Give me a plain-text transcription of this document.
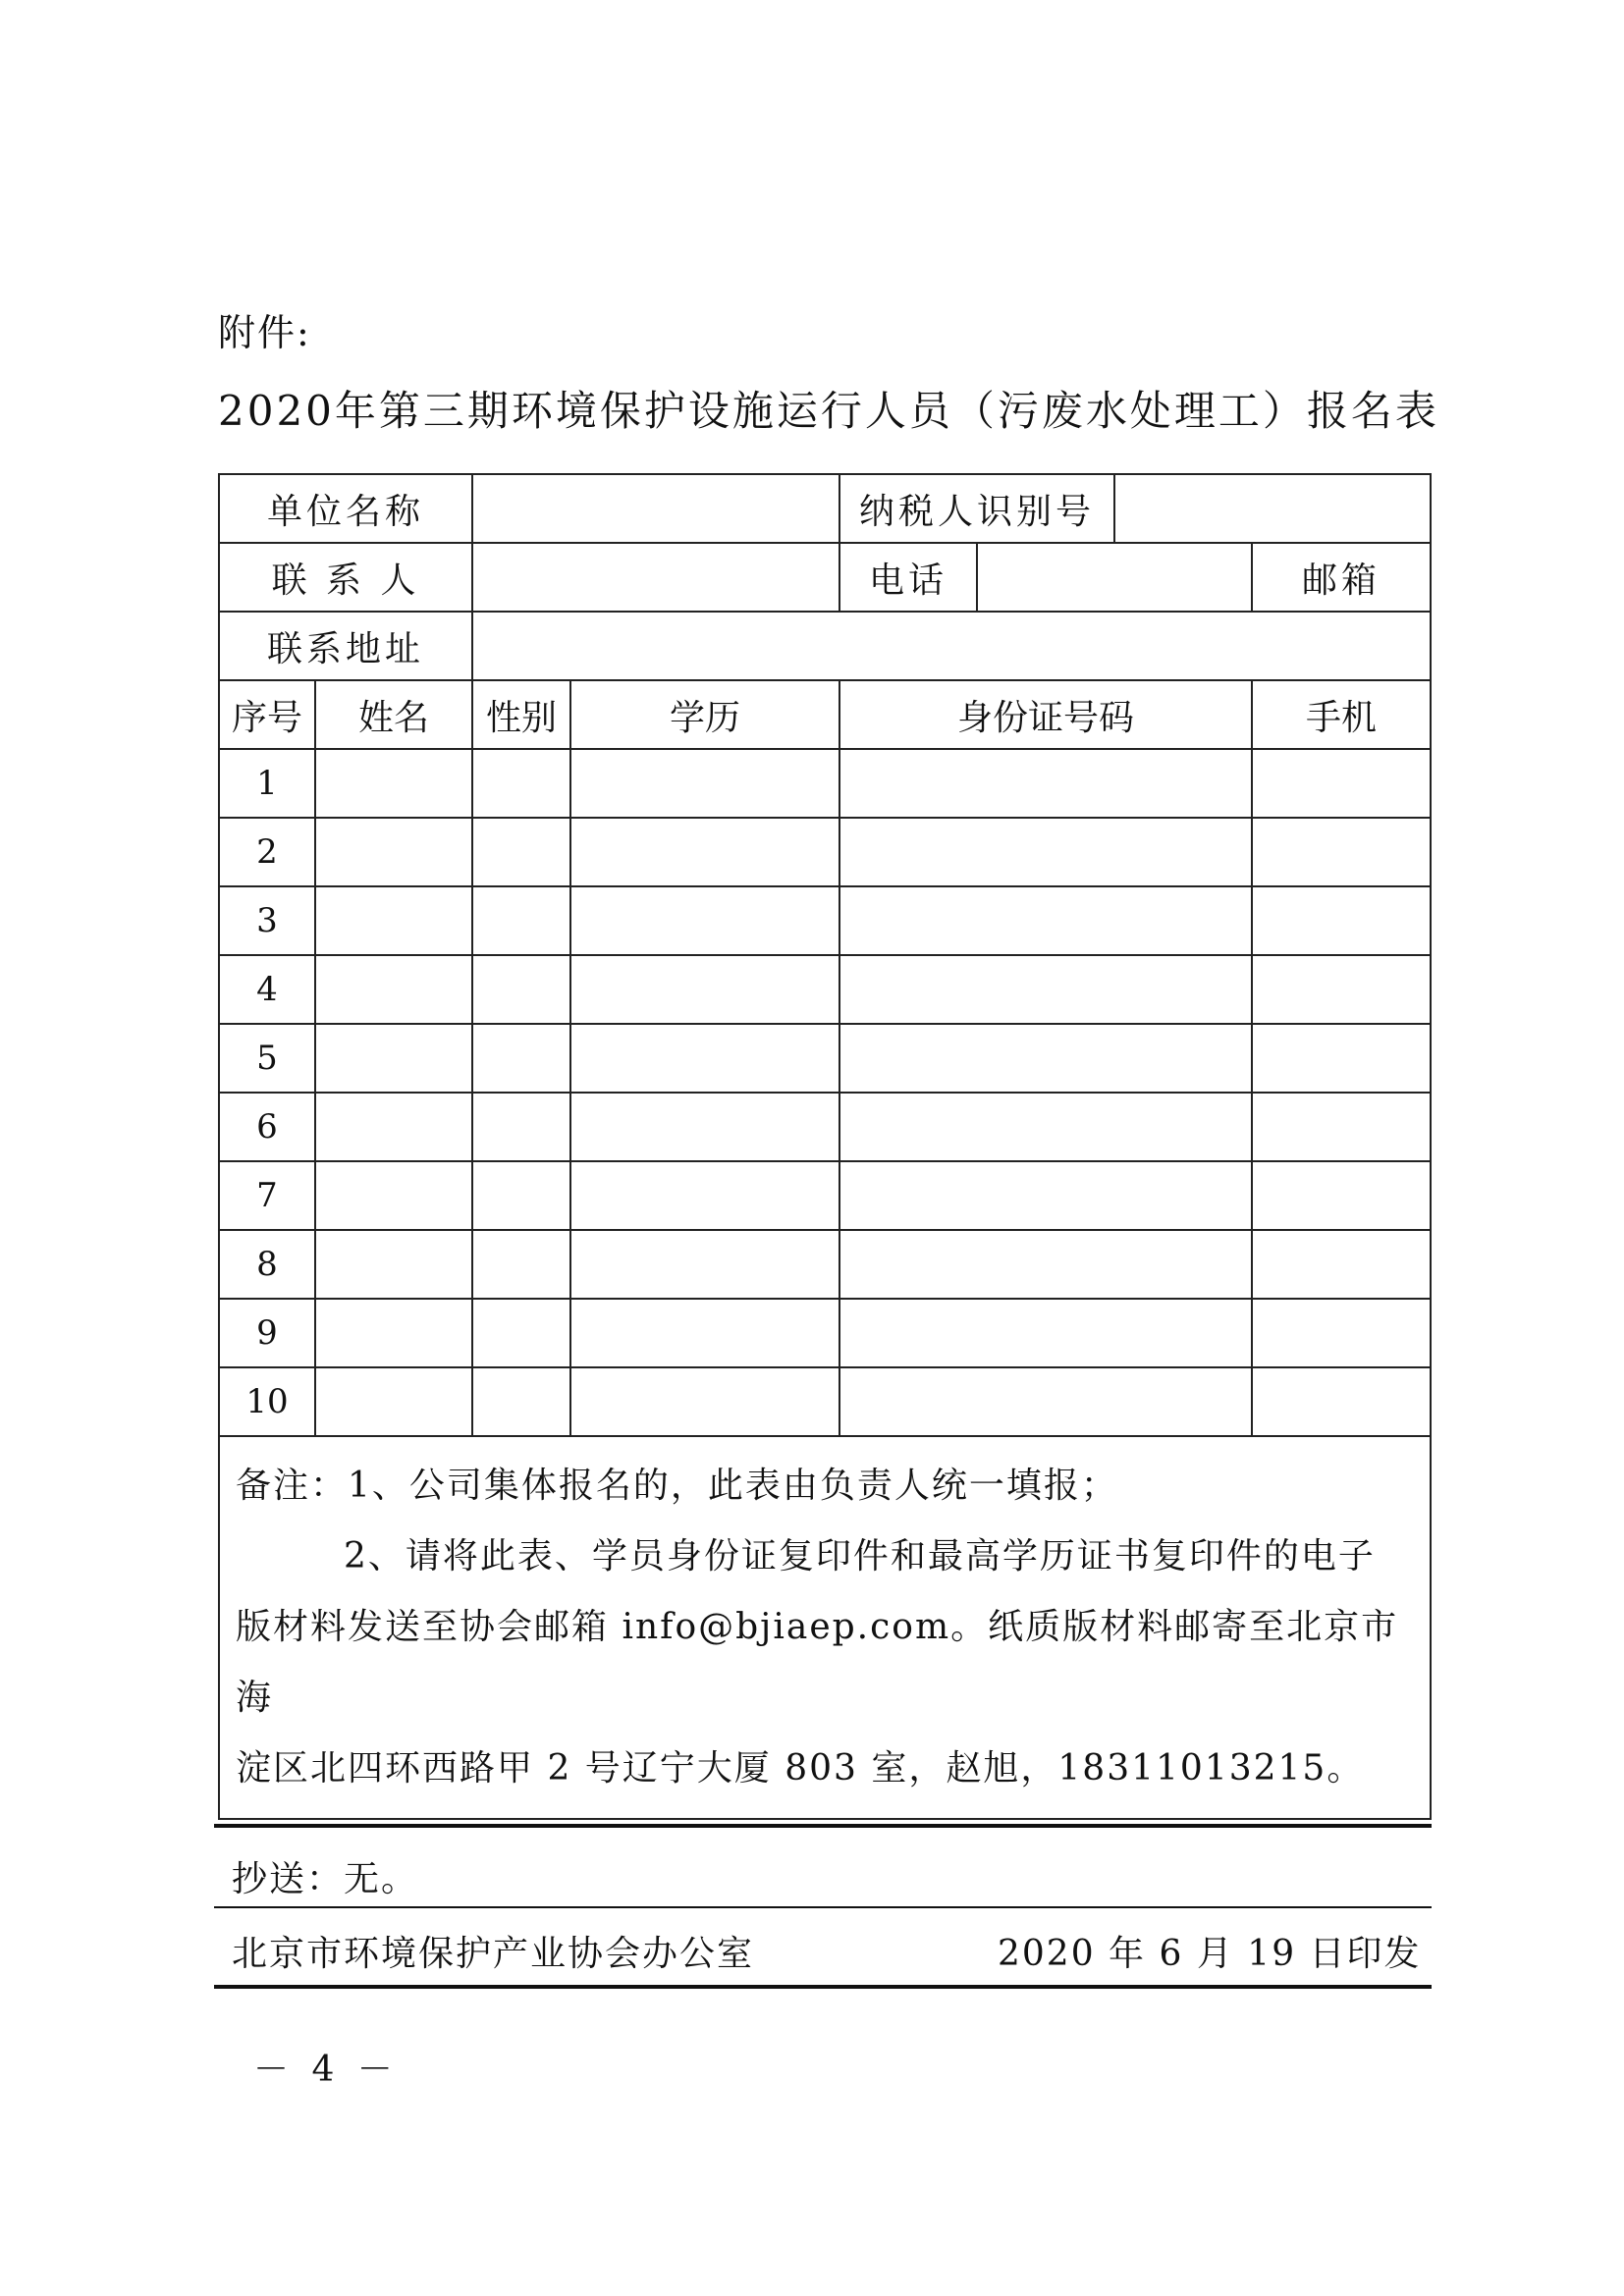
附件:
2020年第三期环境保护设施运行人员（污废水处理工）报名表
单位名称				纳税人识别号			
联 系 人				电话			邮箱
联系地址							
序号	姓名	性别	学历	身份证号码			手机
1							
2							
3							
4							
5							
6							
7							
8							
9							
10							

备注：1、公司集体报名的，此表由负责人统一填报；
2、请将此表、学员身份证复印件和最高学历证书复印件的电子
版材料发送至协会邮箱 info@bjiaep.com。纸质版材料邮寄至北京市海
淀区北四环西路甲 2 号辽宁大厦 803 室，赵旭，18311013215。							
抄送：无。
北京市环境保护产业协会办公室	2020 年 6 月 19 日印发
－ 4 －
